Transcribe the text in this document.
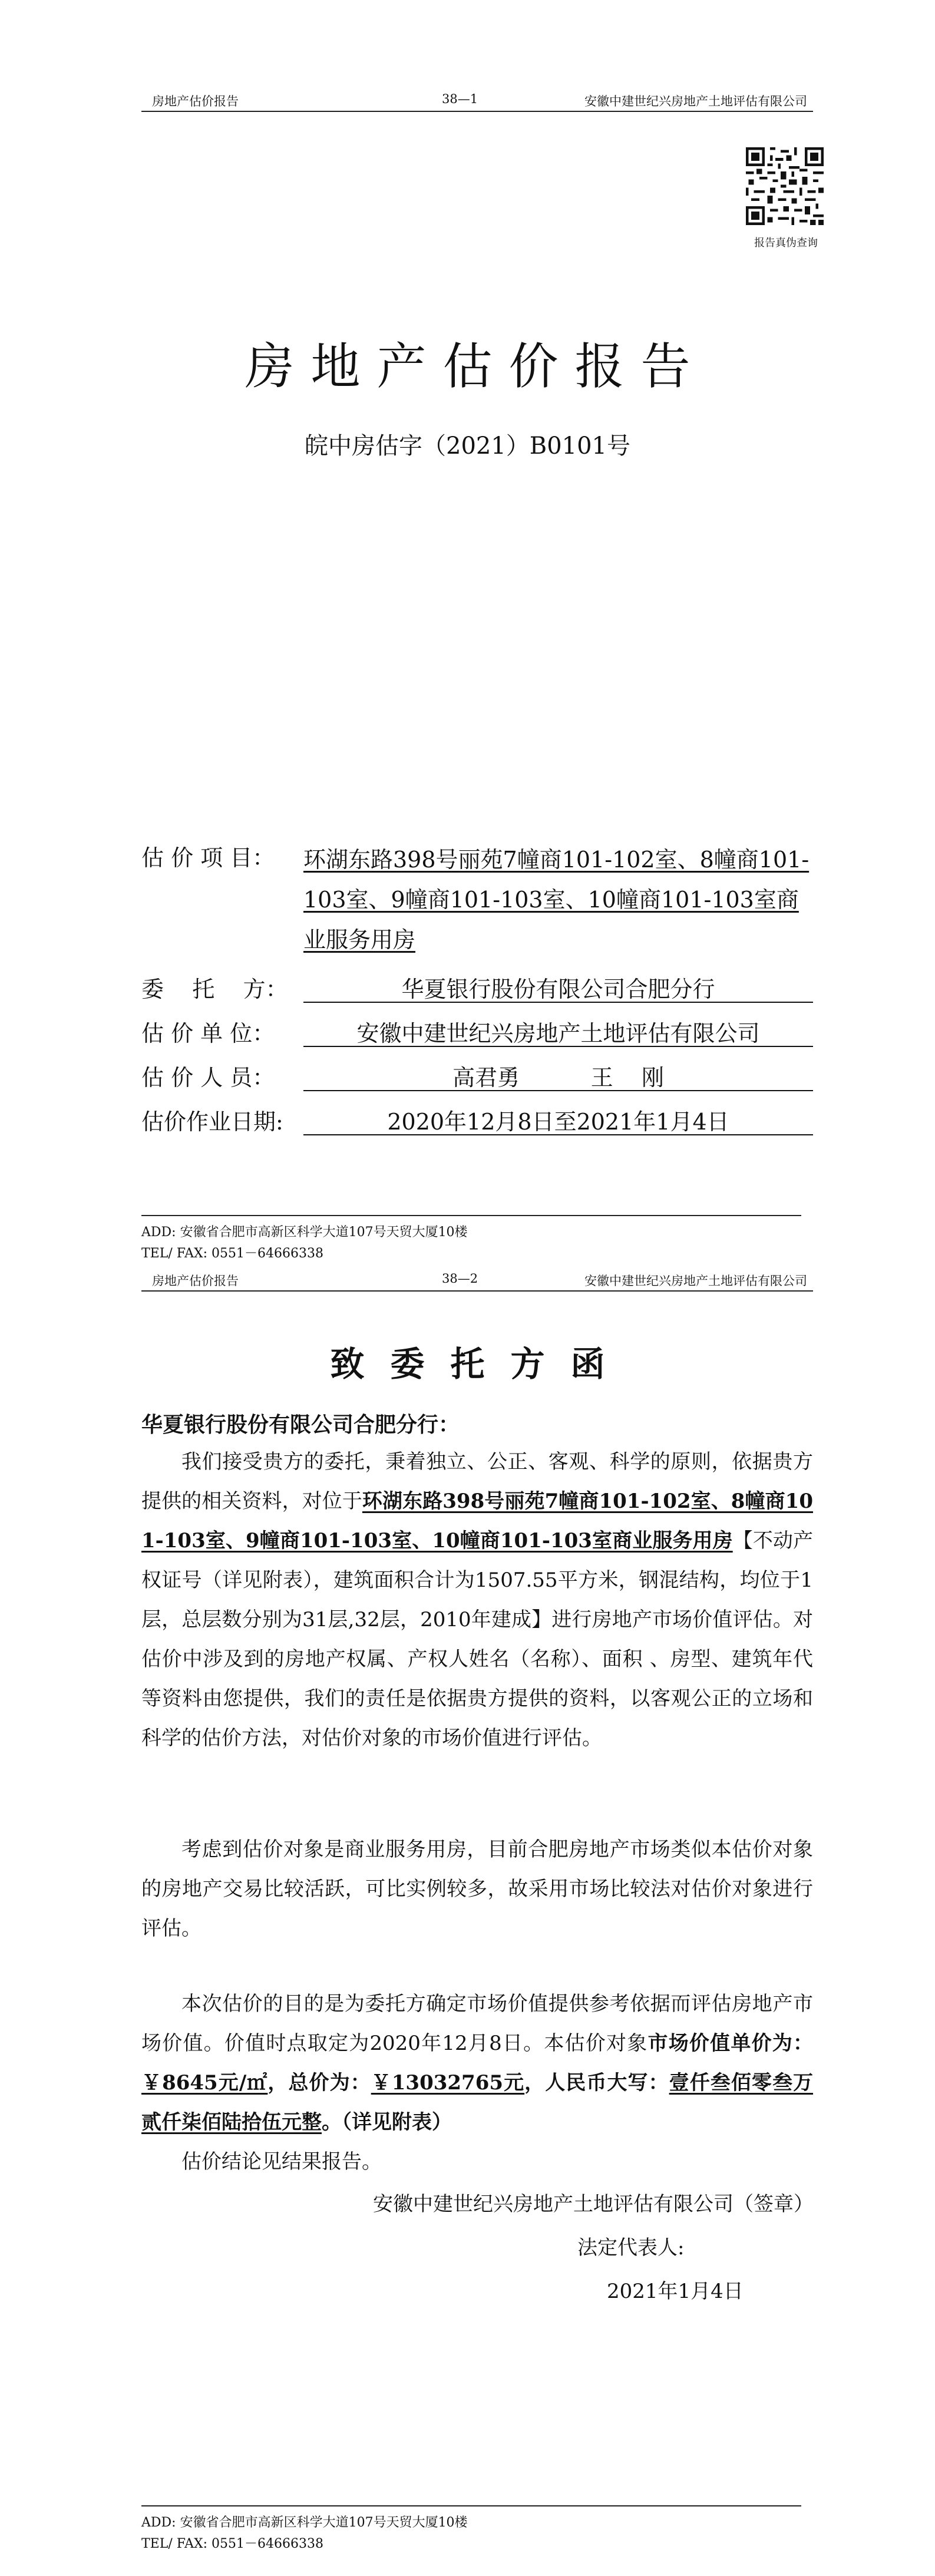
房地产估价报告	38—1	安徽中建世纪兴房地产土地评估有限公司
报告真伪查询
房地产估价报告
皖中房估字（2021）B0101号
估 价 项 目： 环湖东路398号丽苑7幢商101-102室、8幢商101-103室、9幢商101-103室、10幢商101-103室商业服务用房
委    托    方：	华夏银行股份有限公司合肥分行
估 价 单 位：	安徽中建世纪兴房地产土地评估有限公司
估 价 人 员：	高君勇          王    刚
估价作业日期:	2020年12月8日至2021年1月4日
ADD: 安徽省合肥市高新区科学大道107号天贸大厦10楼
TEL/ FAX: 0551－64666338
房地产估价报告	38—2	安徽中建世纪兴房地产土地评估有限公司
致委托方函
华夏银行股份有限公司合肥分行：
我们接受贵方的委托，秉着独立、公正、客观、科学的原则，依据贵方提供的相关资料，对位于环湖东路398号丽苑7幢商101-102室、8幢商101-103室、9幢商101-103室、10幢商101-103室商业服务用房【不动产权证号（详见附表），建筑面积合计为1507.55平方米，钢混结构，均位于1层，总层数分别为31层,32层，2010年建成】进行房地产市场价值评估。对估价中涉及到的房地产权属、产权人姓名（名称）、面积 、房型、建筑年代等资料由您提供，我们的责任是依据贵方提供的资料，以客观公正的立场和科学的估价方法，对估价对象的市场价值进行评估。
考虑到估价对象是商业服务用房，目前合肥房地产市场类似本估价对象的房地产交易比较活跃，可比实例较多，故采用市场比较法对估价对象进行评估。
本次估价的目的是为委托方确定市场价值提供参考依据而评估房地产市场价值。价值时点取定为2020年12月8日。本估价对象市场价值单价为：￥8645元/㎡，总价为：￥13032765元，人民币大写：壹仟叁佰零叁万贰仟柒佰陆拾伍元整。（详见附表）
估价结论见结果报告。
安徽中建世纪兴房地产土地评估有限公司（签章）
法定代表人:
2021年1月4日
ADD: 安徽省合肥市高新区科学大道107号天贸大厦10楼
TEL/ FAX: 0551－64666338
